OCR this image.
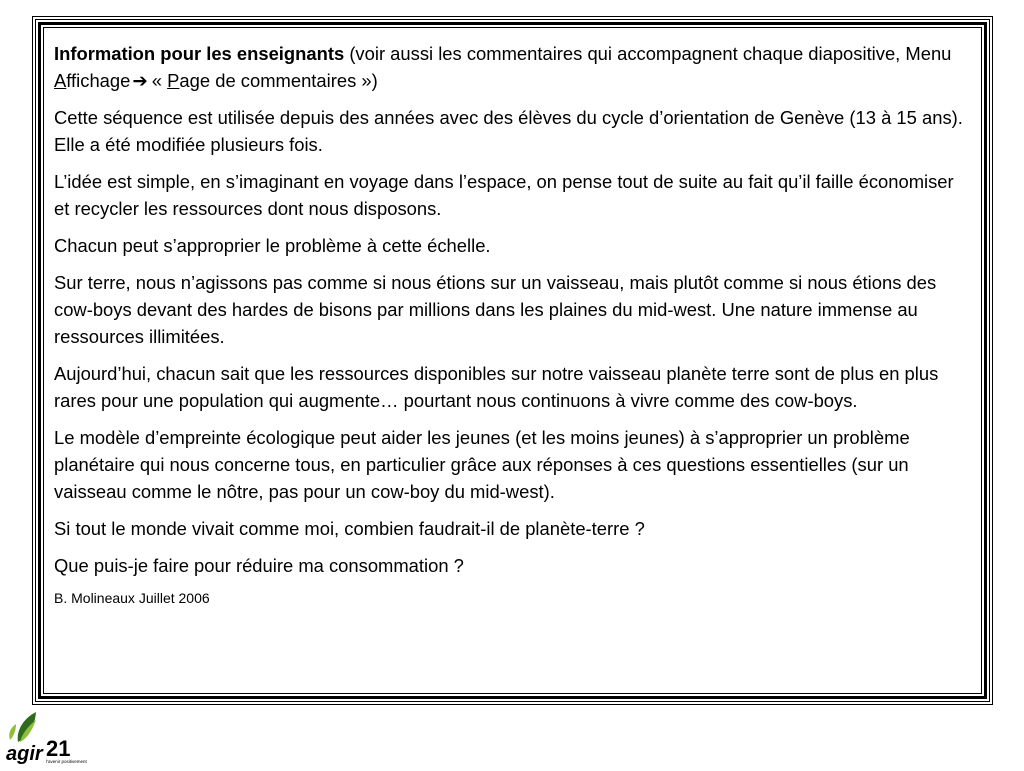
Information pour les enseignants (voir aussi les commentaires qui accompagnent chaque diapositive, Menu Affichage ➔ « Page de commentaires »)

Cette séquence est utilisée depuis des années avec des élèves du cycle d’orientation de Genève (13 à 15 ans). Elle a été modifiée plusieurs fois.

L’idée est simple, en s’imaginant en voyage dans l’espace, on pense tout de suite au fait qu’il faille économiser et recycler les ressources dont nous disposons.

Chacun peut s’approprier le problème à cette échelle.

Sur terre, nous n’agissons pas comme si nous étions sur un vaisseau, mais plutôt comme si nous étions des cow-boys devant des hardes de bisons par millions dans les plaines du mid-west. Une nature immense au ressources illimitées.

Aujourd’hui, chacun sait que les ressources disponibles sur notre vaisseau planète terre sont de plus en plus rares pour une population qui augmente… pourtant nous continuons à vivre comme des cow-boys.

Le modèle d’empreinte écologique peut aider les jeunes (et les moins jeunes) à s’approprier un problème planétaire qui nous concerne tous, en particulier grâce aux réponses à ces questions essentielles (sur un vaisseau comme le nôtre, pas pour un cow-boy du mid-west).

Si tout le monde vivait comme moi, combien faudrait-il de planète-terre ?

Que puis-je faire pour réduire ma consommation ?

B. Molineaux Juillet 2006

agir 21
l’avenir positivement
